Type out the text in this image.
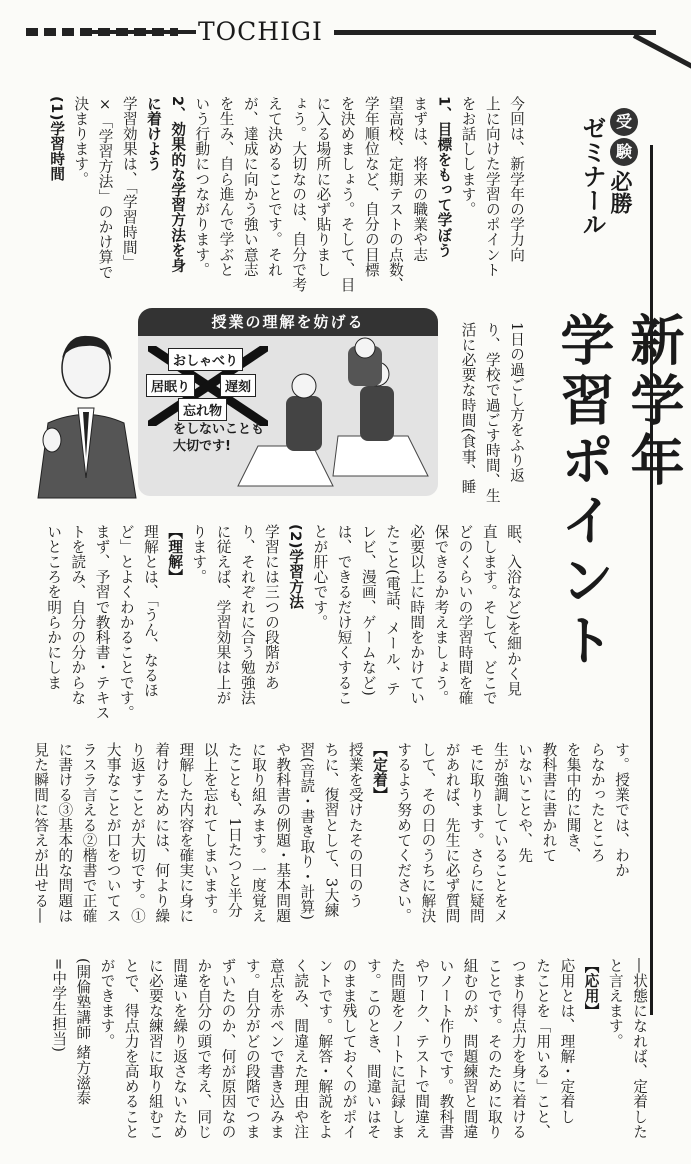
TOCHIGI
受
験
必勝
ゼミナール
新学年
学習ポイント
今回は、新学年の学力向
上に向けた学習のポイント
をお話しします。
1、目標をもって学ぼう
まずは、将来の職業や志
望高校、定期テストの点数、
学年順位など、自分の目標
を決めましょう。そして、目
に入る場所に必ず貼りまし
ょう。大切なのは、自分で考
えて決めることです。それ
が、達成に向かう強い意志
を生み、自ら進んで学ぶと
いう行動につながります。
2、効果的な学習方法を身
に着けよう
学習効果は、「学習時間」
×「学習方法」のかけ算で
決まります。
(1)学習時間
1日の過ごし方をふり返
り、学校で過ごす時間、生
活に必要な時間(食事、睡
授業の理解を妨げる
おしゃべり
居眠り	遅刻
忘れ物
をしないことも
大切です!
眠、入浴など)を細かく見
直します。そして、どこで
どのくらいの学習時間を確
保できるか考えましょう。
必要以上に時間をかけてい
たこと(電話、メール、テ
レビ、漫画、ゲームなど)
は、できるだけ短くするこ
とが肝心です。
(2)学習方法
学習には三つの段階があ
り、それぞれに合う勉強法
に従えば、学習効果は上が
ります。
【理解】
理解とは、「うん、なるほ
ど」とよくわかることです。
まず、予習で教科書・テキス
トを読み、自分の分からな
いところを明らかにしま
す。授業では、わか
らなかったところ
を集中的に聞き、
教科書に書かれて
いないことや、先
生が強調していることをメ
モに取ります。さらに疑問
があれば、先生に必ず質問
して、その日のうちに解決
するよう努めてください。
【定着】
授業を受けたその日のう
ちに、復習として、3大練
習(音読・書き取り・計算)
や教科書の例題・基本問題
に取り組みます。一度覚え
たことも、1日たつと半分
以上を忘れてしまいます。
理解した内容を確実に身に
着けるためには、何より繰
り返すことが大切です。①
大事なことが口をついてス
ラスラ言える②楷書で正確
に書ける③基本的な問題は
見た瞬間に答えが出せる―
―状態になれば、定着した
と言えます。
【応用】
応用とは、理解・定着し
たことを「用いる」こと、
つまり得点力を身に着ける
ことです。そのために取り
組むのが、問題練習と間違
いノート作りです。教科書
やワーク、テストで間違え
た問題をノートに記録しま
す。このとき、間違いはそ
のまま残しておくのがポイ
ントです。解答・解説をよ
く読み、間違えた理由や注
意点を赤ペンで書き込みま
す。自分がどの段階でつま
ずいたのか、何が原因なの
かを自分の頭で考え、同じ
間違いを繰り返さないため
に必要な練習に取り組むこ
とで、得点力を高めること
ができます。
(開倫塾講師 緒方滋泰
=中学生担当)
